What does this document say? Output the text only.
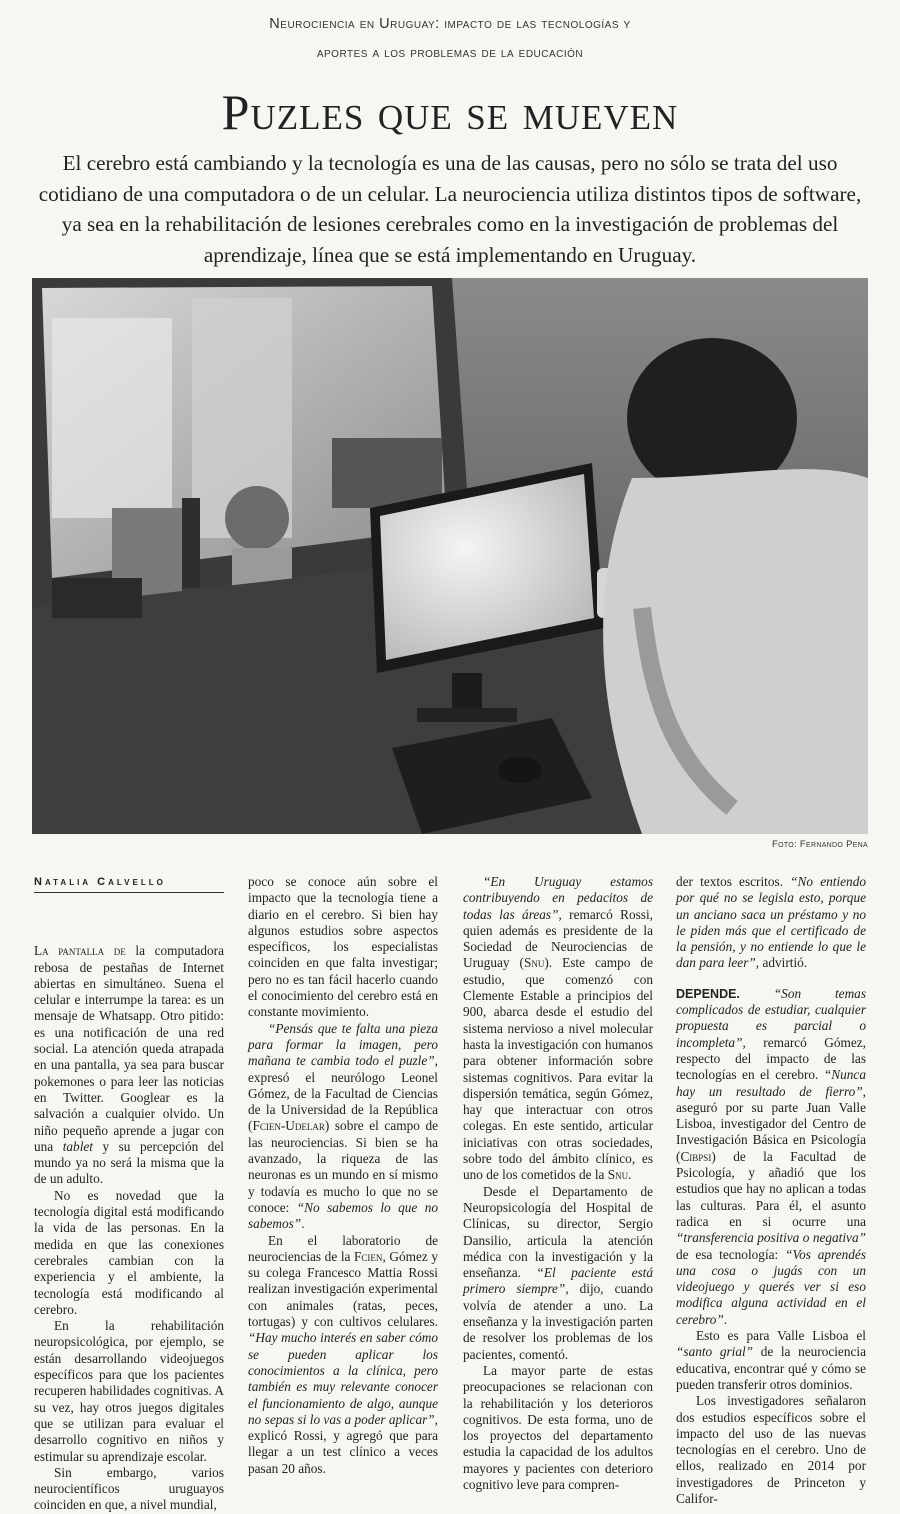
Neurociencia en Uruguay: impacto de las tecnologías y
aportes a los problemas de la educación
Puzles que se mueven
El cerebro está cambiando y la tecnología es una de las causas, pero no sólo se trata del uso cotidiano de una computadora o de un celular. La neurociencia utiliza distintos tipos de software, ya sea en la rehabilitación de lesiones cerebrales como en la investigación de problemas del aprendizaje, línea que se está implementando en Uruguay.
Foto: Fernando Pena
Natalia Calvello

La pantalla de la computadora rebosa de pestañas de Internet abiertas en simultáneo. Suena el celular e interrumpe la tarea: es un mensaje de Whatsapp. Otro pitido: es una notificación de una red social. La atención queda atrapada en una pantalla, ya sea para buscar pokemones o para leer las noticias en Twitter. Googlear es la salvación a cualquier olvido. Un niño pequeño aprende a jugar con una tablet y su percepción del mundo ya no será la misma que la de un adulto.

No es novedad que la tecnología digital está modificando la vida de las personas. En la medida en que las conexiones cerebrales cambian con la experiencia y el ambiente, la tecnología está modificando al cerebro.

En la rehabilitación neuropsicológica, por ejemplo, se están desarrollando videojuegos específicos para que los pacientes recuperen habilidades cognitivas. A su vez, hay otros juegos digitales que se utilizan para evaluar el desarrollo cognitivo en niños y estimular su aprendizaje escolar.

Sin embargo, varios neurocientíficos uruguayos coinciden en que, a nivel mundial,

poco se conoce aún sobre el impacto que la tecnología tiene a diario en el cerebro. Si bien hay algunos estudios sobre aspectos específicos, los especialistas coinciden en que falta investigar; pero no es tan fácil hacerlo cuando el conocimiento del cerebro está en constante movimiento.

“Pensás que te falta una pieza para formar la imagen, pero mañana te cambia todo el puzle”, expresó el neurólogo Leonel Gómez, de la Facultad de Ciencias de la Universidad de la República (Fcien-Udelar) sobre el campo de las neurociencias. Si bien se ha avanzado, la riqueza de las neuronas es un mundo en sí mismo y todavía es mucho lo que no se conoce: “No sabemos lo que no sabemos”.

En el laboratorio de neurociencias de la Fcien, Gómez y su colega Francesco Mattia Rossi realizan investigación experimental con animales (ratas, peces, tortugas) y con cultivos celulares. “Hay mucho interés en saber cómo se pueden aplicar los conocimientos a la clínica, pero también es muy relevante conocer el funcionamiento de algo, aunque no sepas si lo vas a poder aplicar”, explicó Rossi, y agregó que para llegar a un test clínico a veces pasan 20 años.

“En Uruguay estamos contribuyendo en pedacitos de todas las áreas”, remarcó Rossi, quien además es presidente de la Sociedad de Neurociencias de Uruguay (Snu). Este campo de estudio, que comenzó con Clemente Estable a principios del 900, abarca desde el estudio del sistema nervioso a nivel molecular hasta la investigación con humanos para obtener información sobre sistemas cognitivos. Para evitar la dispersión temática, según Gómez, hay que interactuar con otros colegas. En este sentido, articular iniciativas con otras sociedades, sobre todo del ámbito clínico, es uno de los cometidos de la Snu.

Desde el Departamento de Neuropsicología del Hospital de Clínicas, su director, Sergio Dansilio, articula la atención médica con la investigación y la enseñanza. “El paciente está primero siempre”, dijo, cuando volvía de atender a uno. La enseñanza y la investigación parten de resolver los problemas de los pacientes, comentó.

La mayor parte de estas preocupaciones se relacionan con la rehabilitación y los deterioros cognitivos. De esta forma, uno de los proyectos del departamento estudia la capacidad de los adultos mayores y pacientes con deterioro cognitivo leve para compren-

der textos escritos. “No entiendo por qué no se legisla esto, porque un anciano saca un préstamo y no le piden más que el certificado de la pensión, y no entiende lo que le dan para leer”, advirtió.

DEPENDE. “Son temas complicados de estudiar, cualquier propuesta es parcial o incompleta”, remarcó Gómez, respecto del impacto de las tecnologías en el cerebro. “Nunca hay un resultado de fierro”, aseguró por su parte Juan Valle Lisboa, investigador del Centro de Investigación Básica en Psicología (Cibpsi) de la Facultad de Psicología, y añadió que los estudios que hay no aplican a todas las culturas. Para él, el asunto radica en si ocurre una “transferencia positiva o negativa” de esa tecnología: “Vos aprendés una cosa o jugás con un videojuego y querés ver si eso modifica alguna actividad en el cerebro”.

Esto es para Valle Lisboa el “santo grial” de la neurociencia educativa, encontrar qué y cómo se pueden transferir otros dominios.

Los investigadores señalaron dos estudios específicos sobre el impacto del uso de las nuevas tecnologías en el cerebro. Uno de ellos, realizado en 2014 por investigadores de Princeton y Califor-
